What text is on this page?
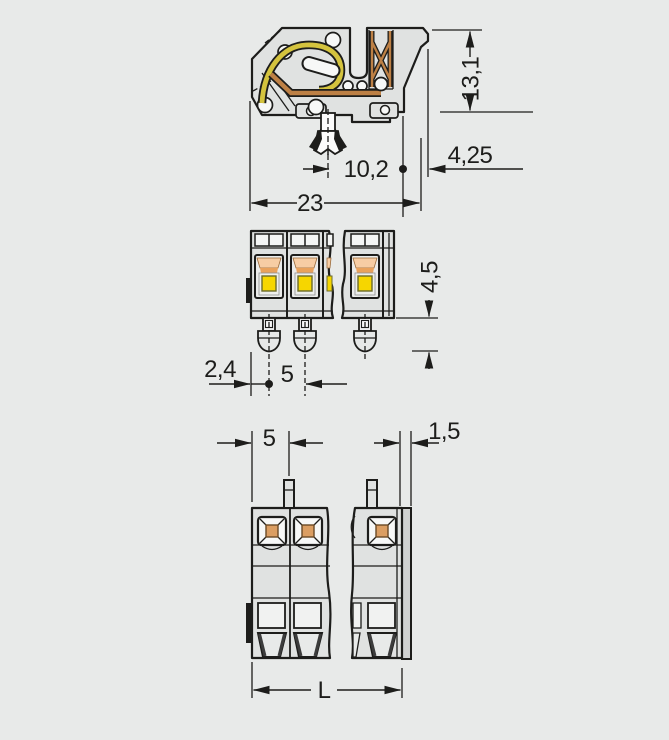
13,1
4,25
10,2
23
4,5
2,4 5
5	1,5
L
